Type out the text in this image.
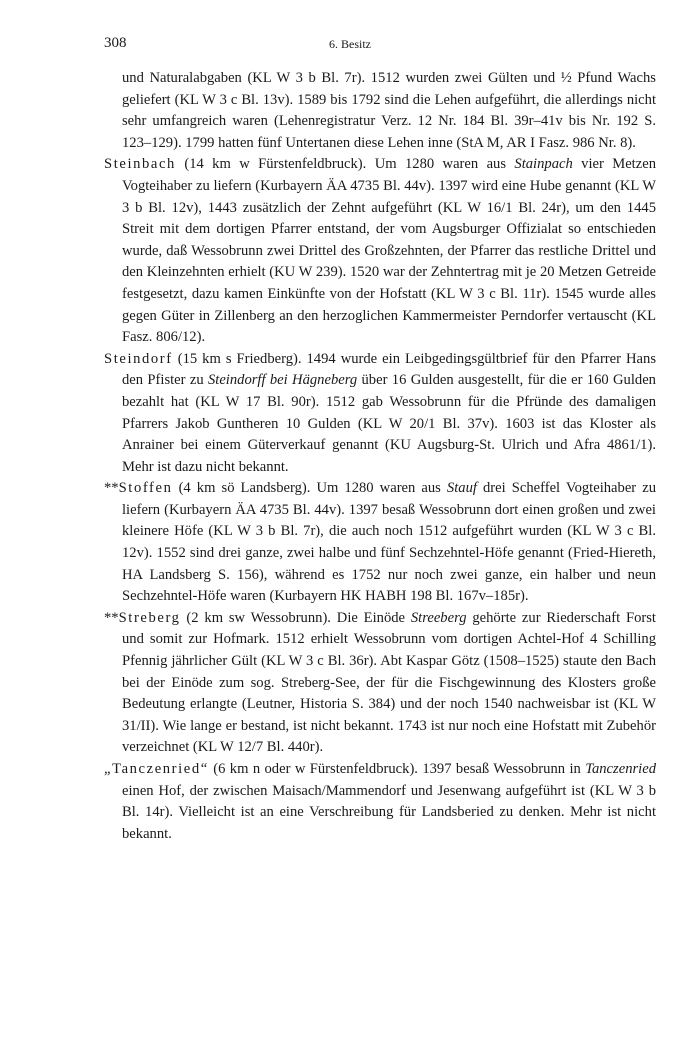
308	6. Besitz

und Naturalabgaben (KL W 3 b Bl. 7r). 1512 wurden zwei Gülten und ½ Pfund Wachs geliefert (KL W 3 c Bl. 13v). 1589 bis 1792 sind die Lehen aufgeführt, die allerdings nicht sehr umfangreich waren (Lehenregistratur Verz. 12 Nr. 184 Bl. 39r–41v bis Nr. 192 S. 123–129). 1799 hatten fünf Untertanen diese Lehen inne (StA M, AR I Fasz. 986 Nr. 8).

Steinbach (14 km w Fürstenfeldbruck). Um 1280 waren aus Stainpach vier Metzen Vogteihaber zu liefern (Kurbayern ÄA 4735 Bl. 44v). 1397 wird eine Hube genannt (KL W 3 b Bl. 12v), 1443 zusätzlich der Zehnt aufgeführt (KL W 16/1 Bl. 24r), um den 1445 Streit mit dem dortigen Pfarrer entstand, der vom Augsburger Offizialat so entschieden wurde, daß Wessobrunn zwei Drittel des Großzehnten, der Pfarrer das restliche Drittel und den Kleinzehnten erhielt (KU W 239). 1520 war der Zehntertrag mit je 20 Metzen Getreide festgesetzt, dazu kamen Einkünfte von der Hofstatt (KL W 3 c Bl. 11r). 1545 wurde alles gegen Güter in Zillenberg an den herzoglichen Kammermeister Perndorfer vertauscht (KL Fasz. 806/12).

Steindorf (15 km s Friedberg). 1494 wurde ein Leibgedingsgültbrief für den Pfarrer Hans den Pfister zu Steindorff bei Hägneberg über 16 Gulden ausgestellt, für die er 160 Gulden bezahlt hat (KL W 17 Bl. 90r). 1512 gab Wessobrunn für die Pfründe des damaligen Pfarrers Jakob Guntheren 10 Gulden (KL W 20/1 Bl. 37v). 1603 ist das Kloster als Anrainer bei einem Güterverkauf genannt (KU Augsburg-St. Ulrich und Afra 4861/1). Mehr ist dazu nicht bekannt.

**Stoffen (4 km sö Landsberg). Um 1280 waren aus Stauf drei Scheffel Vogteihaber zu liefern (Kurbayern ÄA 4735 Bl. 44v). 1397 besaß Wessobrunn dort einen großen und zwei kleinere Höfe (KL W 3 b Bl. 7r), die auch noch 1512 aufgeführt wurden (KL W 3 c Bl. 12v). 1552 sind drei ganze, zwei halbe und fünf Sechzehntel-Höfe genannt (Fried-Hiereth, HA Landsberg S. 156), während es 1752 nur noch zwei ganze, ein halber und neun Sechzehntel-Höfe waren (Kurbayern HK HABH 198 Bl. 167v–185r).

**Streberg (2 km sw Wessobrunn). Die Einöde Streeberg gehörte zur Riederschaft Forst und somit zur Hofmark. 1512 erhielt Wessobrunn vom dortigen Achtel-Hof 4 Schilling Pfennig jährlicher Gült (KL W 3 c Bl. 36r). Abt Kaspar Götz (1508–1525) staute den Bach bei der Einöde zum sog. Streberg-See, der für die Fischgewinnung des Klosters große Bedeutung erlangte (Leutner, Historia S. 384) und der noch 1540 nachweisbar ist (KL W 31/II). Wie lange er bestand, ist nicht bekannt. 1743 ist nur noch eine Hofstatt mit Zubehör verzeichnet (KL W 12/7 Bl. 440r).

„Tanczenried“ (6 km n oder w Fürstenfeldbruck). 1397 besaß Wessobrunn in Tanczenried einen Hof, der zwischen Maisach/Mammendorf und Jesenwang aufgeführt ist (KL W 3 b Bl. 14r). Vielleicht ist an eine Verschreibung für Landsberied zu denken. Mehr ist nicht bekannt.
